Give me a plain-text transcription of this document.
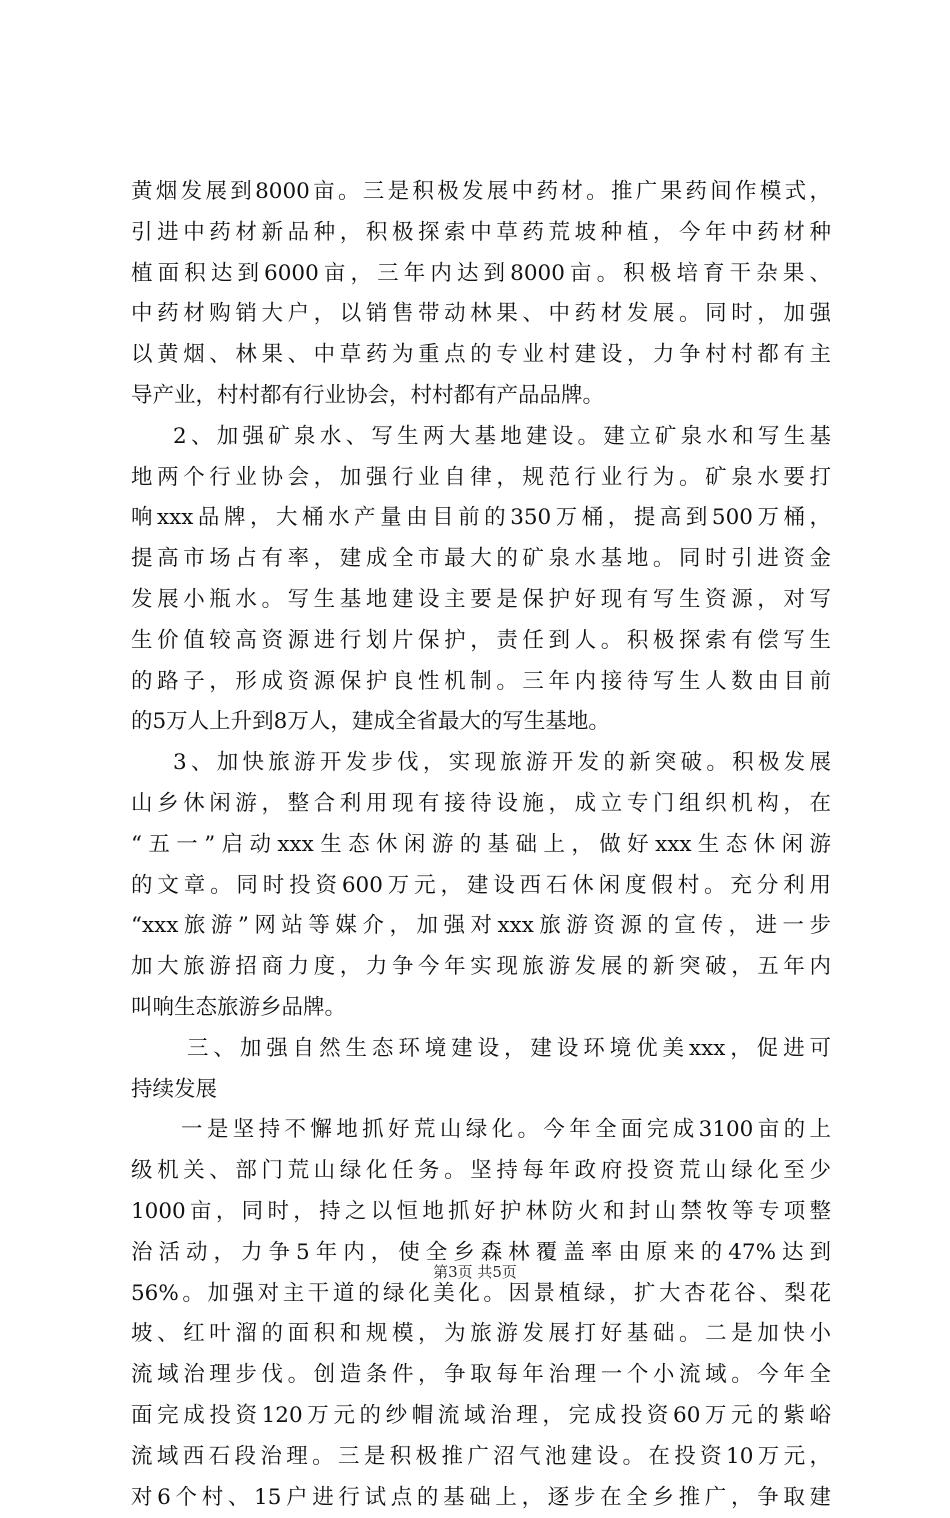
黄烟发展到8000亩。三是积极发展中药材。推广果药间作模式，
引进中药材新品种，积极探索中草药荒坡种植，今年中药材种
植面积达到6000亩，三年内达到8000亩。积极培育干杂果、
中药材购销大户，以销售带动林果、中药材发展。同时，加强
以黄烟、林果、中草药为重点的专业村建设，力争村村都有主
导产业，村村都有行业协会，村村都有产品品牌。
2、加强矿泉水、写生两大基地建设。建立矿泉水和写生基
地两个行业协会，加强行业自律，规范行业行为。矿泉水要打
响xxx品牌，大桶水产量由目前的350万桶，提高到500万桶，
提高市场占有率，建成全市最大的矿泉水基地。同时引进资金
发展小瓶水。写生基地建设主要是保护好现有写生资源，对写
生价值较高资源进行划片保护，责任到人。积极探索有偿写生
的路子，形成资源保护良性机制。三年内接待写生人数由目前
的5万人上升到8万人，建成全省最大的写生基地。
3、加快旅游开发步伐，实现旅游开发的新突破。积极发展
山乡休闲游，整合利用现有接待设施，成立专门组织机构，在
“五一”启动xxx生态休闲游的基础上，做好xxx生态休闲游
的文章。同时投资600万元，建设西石休闲度假村。充分利用
“xxx旅游”网站等媒介，加强对xxx旅游资源的宣传，进一步
加大旅游招商力度，力争今年实现旅游发展的新突破，五年内
叫响生态旅游乡品牌。
三、加强自然生态环境建设，建设环境优美xxx，促进可
持续发展
一是坚持不懈地抓好荒山绿化。今年全面完成3100亩的上
级机关、部门荒山绿化任务。坚持每年政府投资荒山绿化至少
1000亩，同时，持之以恒地抓好护林防火和封山禁牧等专项整
治活动，力争5年内，使全乡森林覆盖率由原来的47%达到
56%。加强对主干道的绿化美化。因景植绿，扩大杏花谷、梨花
坡、红叶溜的面积和规模，为旅游发展打好基础。二是加快小
流域治理步伐。创造条件，争取每年治理一个小流域。今年全
面完成投资120万元的纱帽流域治理，完成投资60万元的紫峪
流域西石段治理。三是积极推广沼气池建设。在投资10万元，
对6个村、15户进行试点的基础上，逐步在全乡推广，争取建
第3页 共5页
